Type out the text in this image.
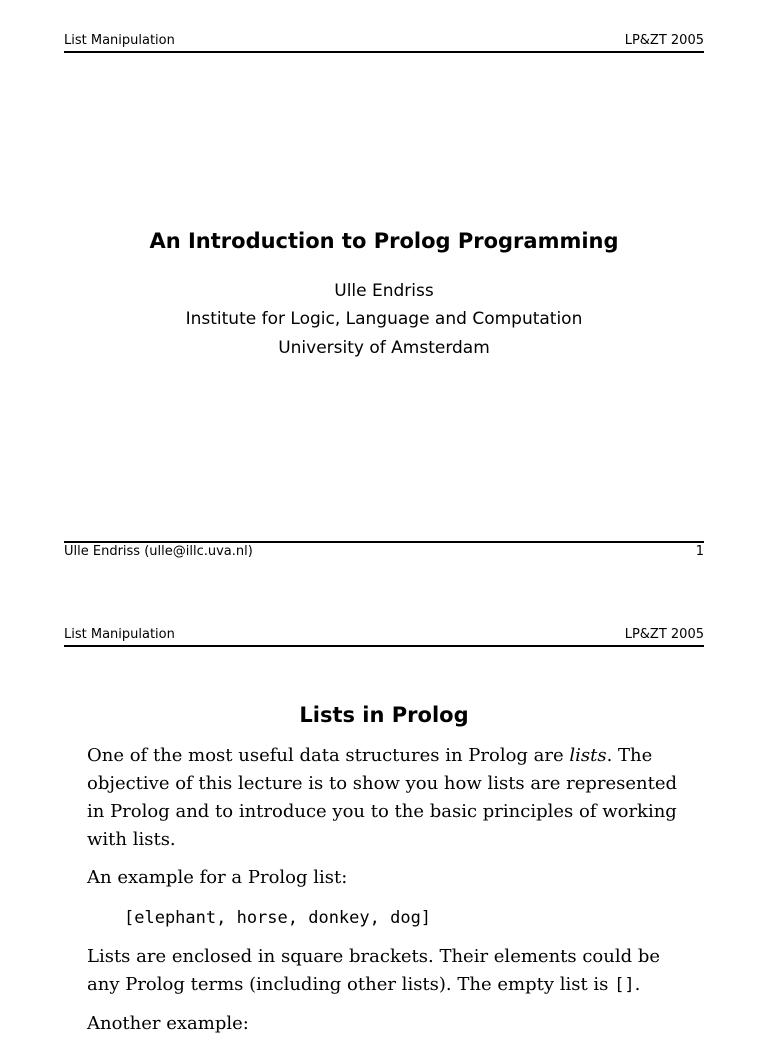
List Manipulation	LP&ZT 2005
An Introduction to Prolog Programming
Ulle Endriss
Institute for Logic, Language and Computation
University of Amsterdam
Ulle Endriss (ulle@illc.uva.nl)	1
List Manipulation	LP&ZT 2005
Lists in Prolog
One of the most useful data structures in Prolog are lists. The objective of this lecture is to show you how lists are represented in Prolog and to introduce you to the basic principles of working with lists.
An example for a Prolog list:
[elephant, horse, donkey, dog]
Lists are enclosed in square brackets. Their elements could be any Prolog terms (including other lists). The empty list is [].
Another example:
